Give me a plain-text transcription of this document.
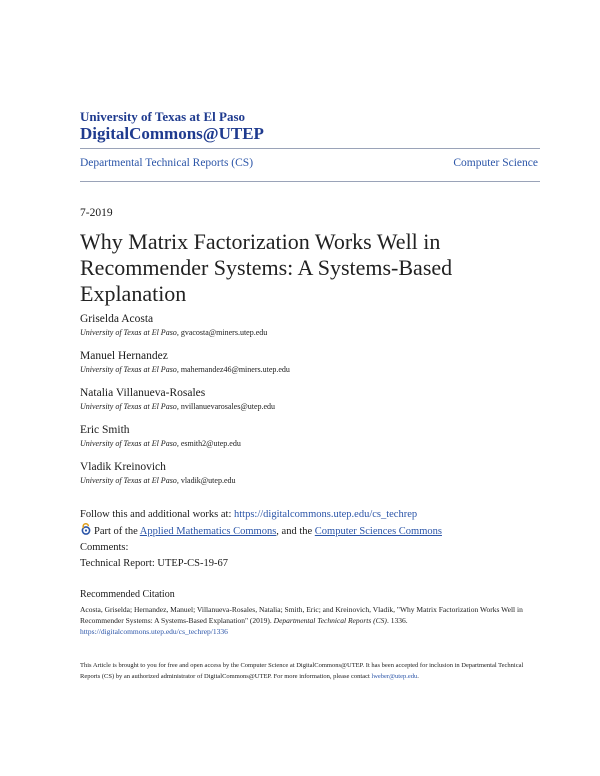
University of Texas at El Paso
DigitalCommons@UTEP
Departmental Technical Reports (CS)	Computer Science
7-2019
Why Matrix Factorization Works Well in Recommender Systems: A Systems-Based Explanation
Griselda Acosta
University of Texas at El Paso, gvacosta@miners.utep.edu
Manuel Hernandez
University of Texas at El Paso, mahernandez46@miners.utep.edu
Natalia Villanueva-Rosales
University of Texas at El Paso, nvillanuevarosales@utep.edu
Eric Smith
University of Texas at El Paso, esmith2@utep.edu
Vladik Kreinovich
University of Texas at El Paso, vladik@utep.edu
Follow this and additional works at: https://digitalcommons.utep.edu/cs_techrep
Part of the Applied Mathematics Commons, and the Computer Sciences Commons
Comments:
Technical Report: UTEP-CS-19-67
Recommended Citation
Acosta, Griselda; Hernandez, Manuel; Villanueva-Rosales, Natalia; Smith, Eric; and Kreinovich, Vladik, "Why Matrix Factorization Works Well in Recommender Systems: A Systems-Based Explanation" (2019). Departmental Technical Reports (CS). 1336.
https://digitalcommons.utep.edu/cs_techrep/1336
This Article is brought to you for free and open access by the Computer Science at DigitalCommons@UTEP. It has been accepted for inclusion in Departmental Technical Reports (CS) by an authorized administrator of DigitalCommons@UTEP. For more information, please contact lweber@utep.edu.
